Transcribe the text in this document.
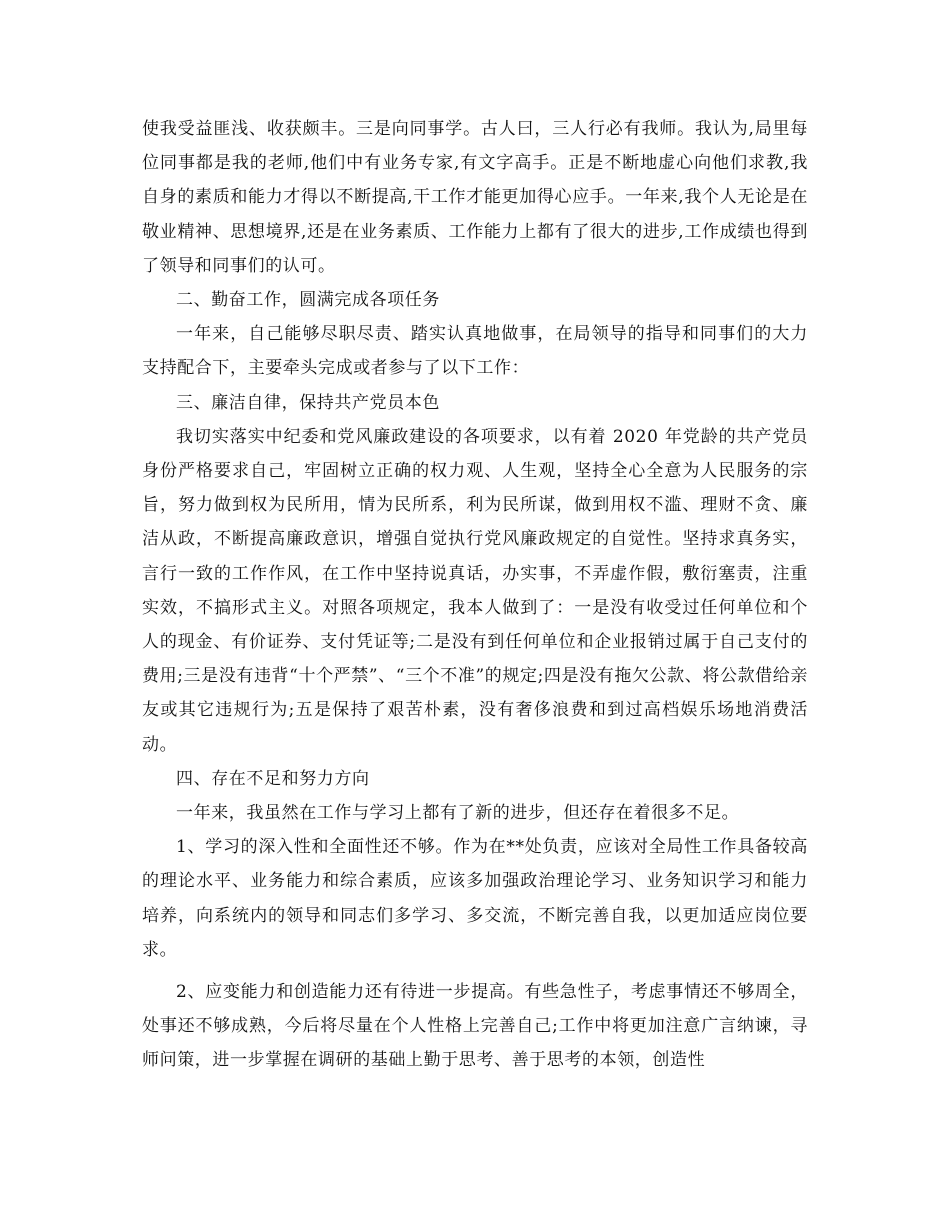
使我受益匪浅、收获颇丰。三是向同事学。古人曰，三人行必有我师。我认为,局里每位同事都是我的老师,他们中有业务专家,有文字高手。正是不断地虚心向他们求教,我自身的素质和能力才得以不断提高,干工作才能更加得心应手。一年来,我个人无论是在敬业精神、思想境界,还是在业务素质、工作能力上都有了很大的进步,工作成绩也得到了领导和同事们的认可。

二、勤奋工作，圆满完成各项任务

一年来，自己能够尽职尽责、踏实认真地做事，在局领导的指导和同事们的大力支持配合下，主要牵头完成或者参与了以下工作：

三、廉洁自律，保持共产党员本色

我切实落实中纪委和党风廉政建设的各项要求，以有着 2020 年党龄的共产党员身份严格要求自己，牢固树立正确的权力观、人生观，坚持全心全意为人民服务的宗旨，努力做到权为民所用，情为民所系，利为民所谋，做到用权不滥、理财不贪、廉洁从政，不断提高廉政意识，增强自觉执行党风廉政规定的自觉性。坚持求真务实，言行一致的工作作风，在工作中坚持说真话，办实事，不弄虚作假，敷衍塞责，注重实效，不搞形式主义。对照各项规定，我本人做到了：一是没有收受过任何单位和个人的现金、有价证券、支付凭证等;二是没有到任何单位和企业报销过属于自己支付的费用;三是没有违背“十个严禁”、“三个不准”的规定;四是没有拖欠公款、将公款借给亲友或其它违规行为;五是保持了艰苦朴素，没有奢侈浪费和到过高档娱乐场地消费活动。

四、存在不足和努力方向

一年来，我虽然在工作与学习上都有了新的进步，但还存在着很多不足。

1、学习的深入性和全面性还不够。作为在**处负责，应该对全局性工作具备较高的理论水平、业务能力和综合素质，应该多加强政治理论学习、业务知识学习和能力培养，向系统内的领导和同志们多学习、多交流，不断完善自我，以更加适应岗位要求。

2、应变能力和创造能力还有待进一步提高。有些急性子，考虑事情还不够周全，处事还不够成熟，今后将尽量在个人性格上完善自己;工作中将更加注意广言纳谏，寻师问策，进一步掌握在调研的基础上勤于思考、善于思考的本领，创造性
